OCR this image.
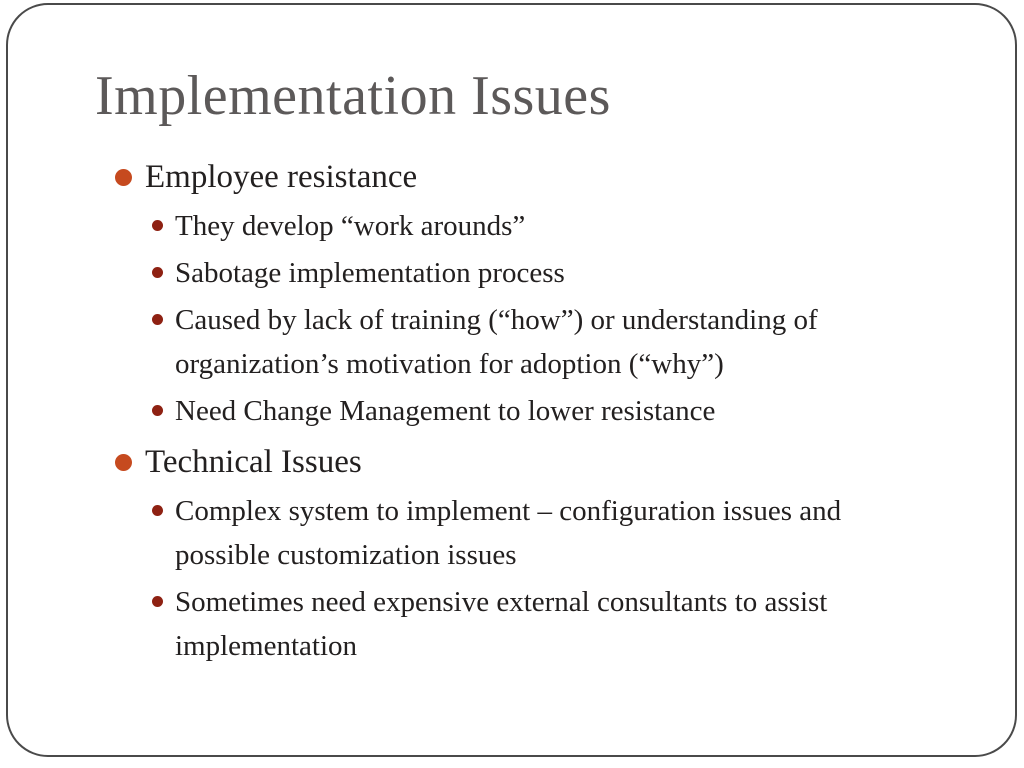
Implementation Issues
Employee resistance
They develop “work arounds”
Sabotage implementation process
Caused by lack of training (“how”) or understanding of organization’s motivation for adoption (“why”)
Need Change Management to lower resistance
Technical Issues
Complex system to implement – configuration issues and possible customization issues
Sometimes need expensive external consultants to assist implementation
